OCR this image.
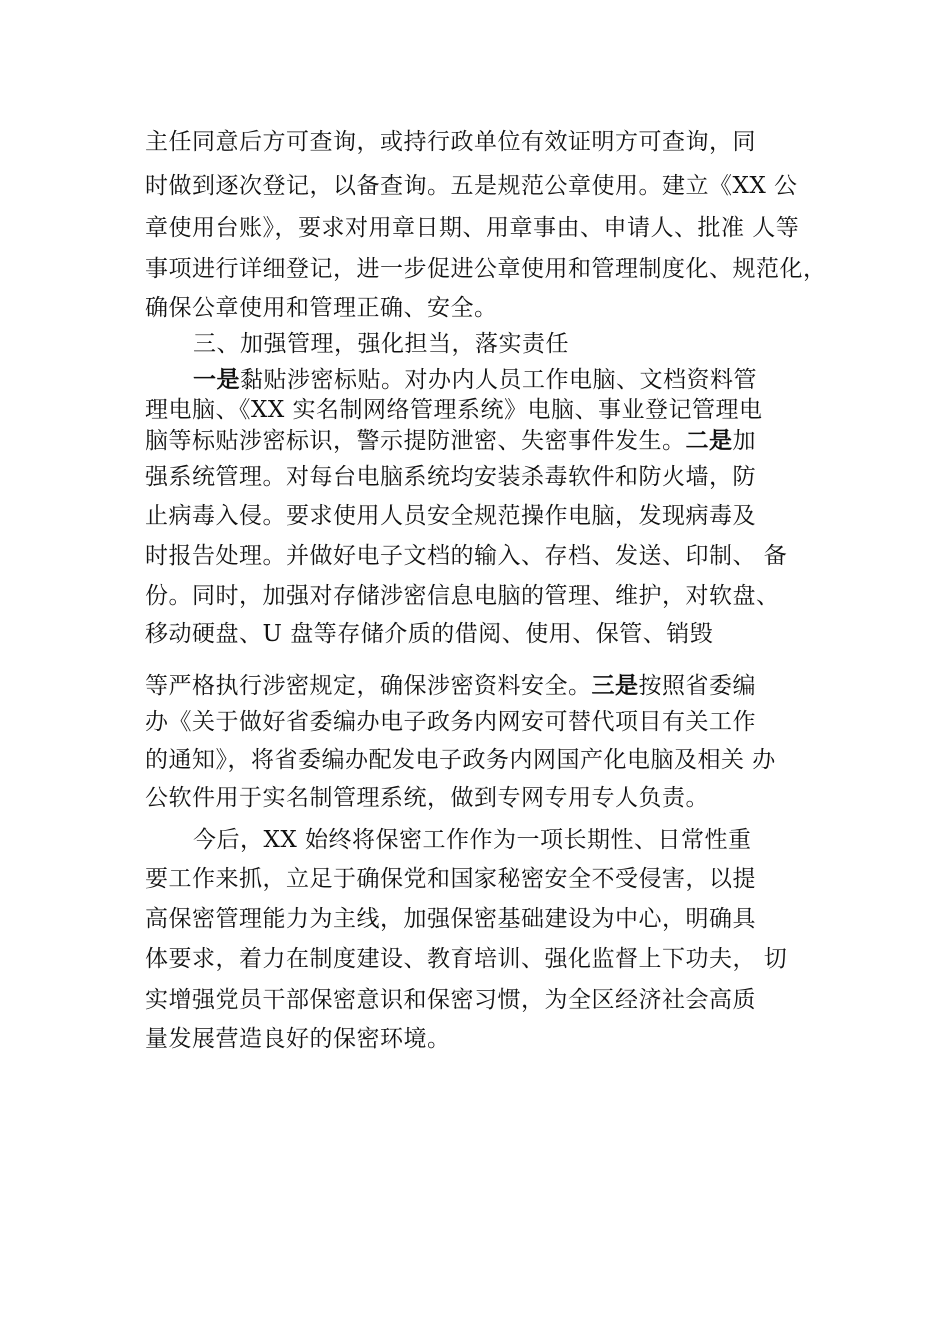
主任同意后方可查询，或持行政单位有效证明方可查询，同
时做到逐次登记，以备查询。五是规范公章使用。建立《XX 公
章使用台账》，要求对用章日期、用章事由、申请人、批准 人等
事项进行详细登记，进一步促进公章使用和管理制度化、规范化，
确保公章使用和管理正确、安全。
三、加强管理，强化担当，落实责任
一是黏贴涉密标贴。对办内人员工作电脑、文档资料管
理电脑、《XX 实名制网络管理系统》电脑、事业登记管理电
脑等标贴涉密标识，警示提防泄密、失密事件发生。二是加
强系统管理。对每台电脑系统均安装杀毒软件和防火墙，防
止病毒入侵。要求使用人员安全规范操作电脑，发现病毒及
时报告处理。并做好电子文档的输入、存档、发送、印制、 备
份。同时，加强对存储涉密信息电脑的管理、维护，对软盘、
移动硬盘、U 盘等存储介质的借阅、使用、保管、销毁
等严格执行涉密规定，确保涉密资料安全。三是按照省委编
办《关于做好省委编办电子政务内网安可替代项目有关工作
的通知》，将省委编办配发电子政务内网国产化电脑及相关 办
公软件用于实名制管理系统，做到专网专用专人负责。
今后，XX 始终将保密工作作为一项长期性、日常性重
要工作来抓，立足于确保党和国家秘密安全不受侵害，以提
高保密管理能力为主线，加强保密基础建设为中心，明确具
体要求，着力在制度建设、教育培训、强化监督上下功夫， 切
实增强党员干部保密意识和保密习惯，为全区经济社会高质
量发展营造良好的保密环境。
